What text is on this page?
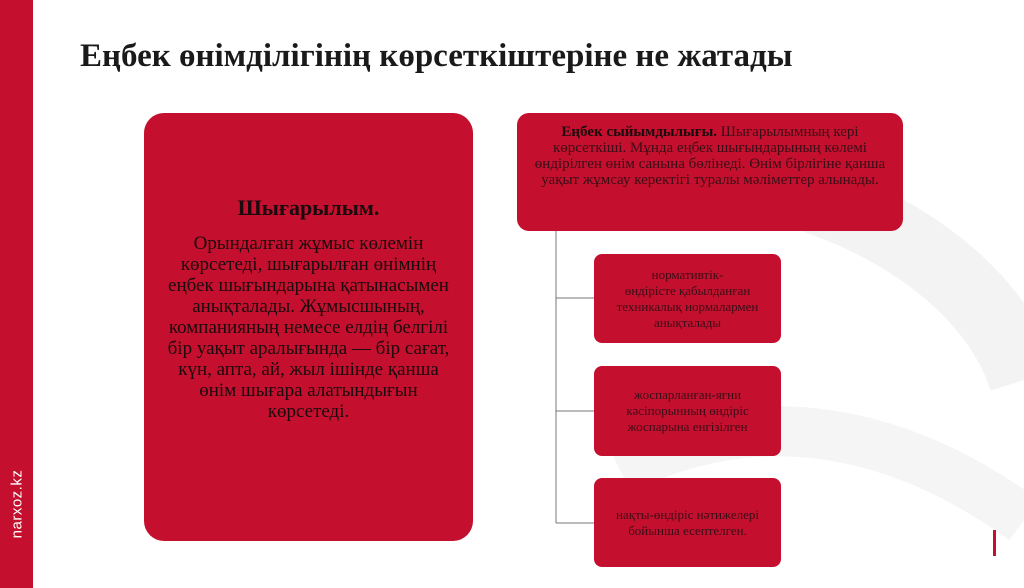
narxoz.kz
Еңбек өнімділігінің көрсеткіштеріне не жатады
Шығарылым.

Орындалған жұмыс көлемін көрсетеді, шығарылған өнімнің еңбек шығындарына қатынасымен анықталады. Жұмысшының, компанияның немесе елдің белгілі бір уақыт аралығында — бір сағат, күн, апта, ай, жыл ішінде қанша өнім шығара алатындығын көрсетеді.

Еңбек сыйымдылығы. Шығарылымның кері көрсеткіші. Мұнда еңбек шығындарының көлемі өндірілген өнім санына бөлінеді. Өнім бірлігіне қанша уақыт жұмсау керектігі туралы мәліметтер алынады.
нормативтік-
өндірісте қабылданған техникалық нормалармен анықталады
жоспарланған-яғни кәсіпорынның өндіріс жоспарына енгізілген
нақты-өндіріс нәтижелері бойынша есептелген.
